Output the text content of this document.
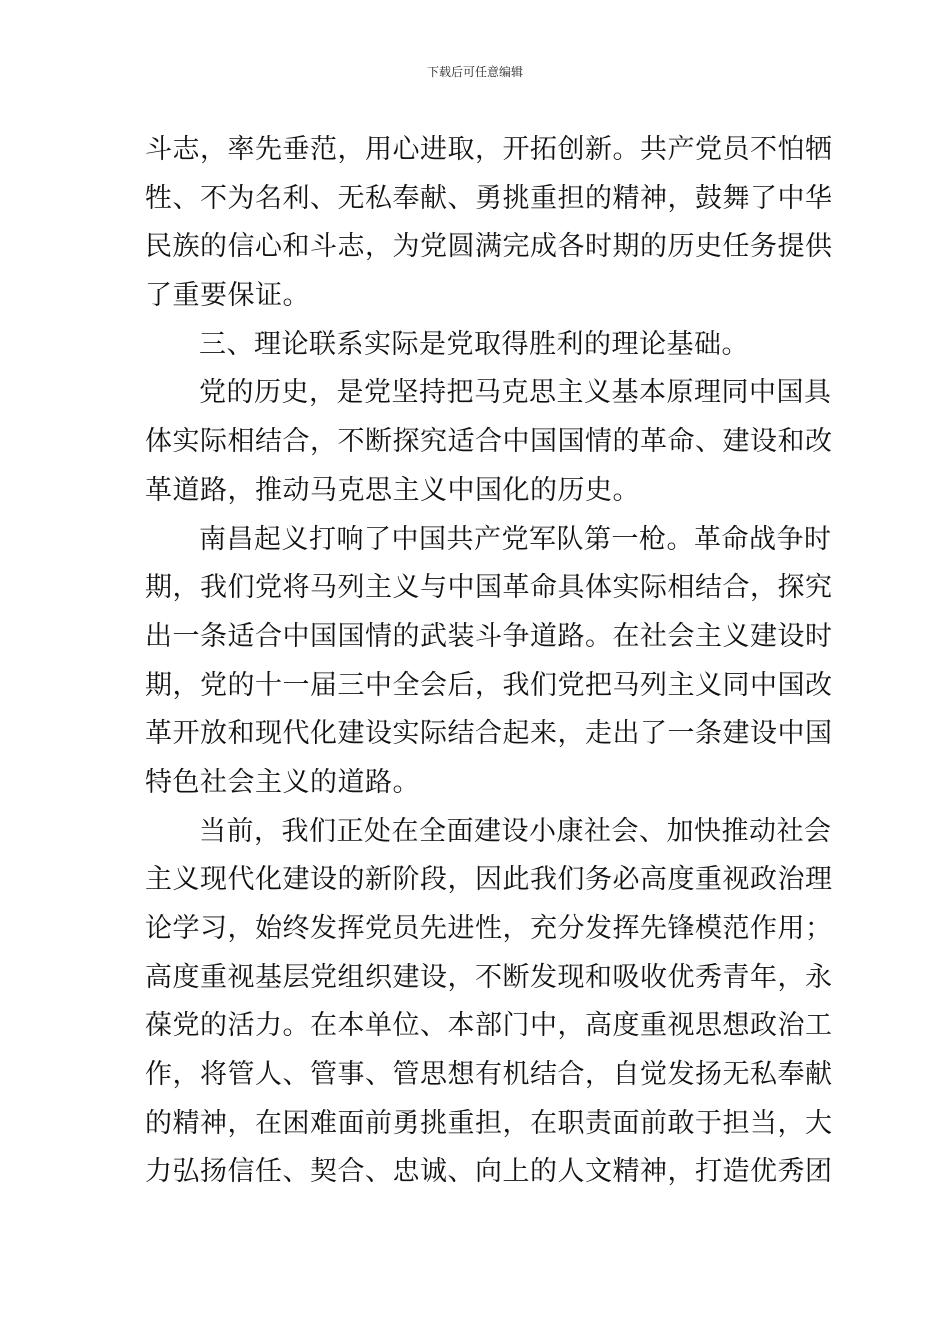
下载后可任意编辑
斗志，率先垂范，用心进取，开拓创新。共产党员不怕牺
牲、不为名利、无私奉献、勇挑重担的精神，鼓舞了中华
民族的信心和斗志，为党圆满完成各时期的历史任务提供
了重要保证。
三、理论联系实际是党取得胜利的理论基础。
党的历史，是党坚持把马克思主义基本原理同中国具
体实际相结合，不断探究适合中国国情的革命、建设和改
革道路，推动马克思主义中国化的历史。
南昌起义打响了中国共产党军队第一枪。革命战争时
期，我们党将马列主义与中国革命具体实际相结合，探究
出一条适合中国国情的武装斗争道路。在社会主义建设时
期，党的十一届三中全会后，我们党把马列主义同中国改
革开放和现代化建设实际结合起来，走出了一条建设中国
特色社会主义的道路。
当前，我们正处在全面建设小康社会、加快推动社会
主义现代化建设的新阶段，因此我们务必高度重视政治理
论学习，始终发挥党员先进性，充分发挥先锋模范作用；
高度重视基层党组织建设，不断发现和吸收优秀青年，永
葆党的活力。在本单位、本部门中，高度重视思想政治工
作，将管人、管事、管思想有机结合，自觉发扬无私奉献
的精神，在困难面前勇挑重担，在职责面前敢于担当，大
力弘扬信任、契合、忠诚、向上的人文精神，打造优秀团
